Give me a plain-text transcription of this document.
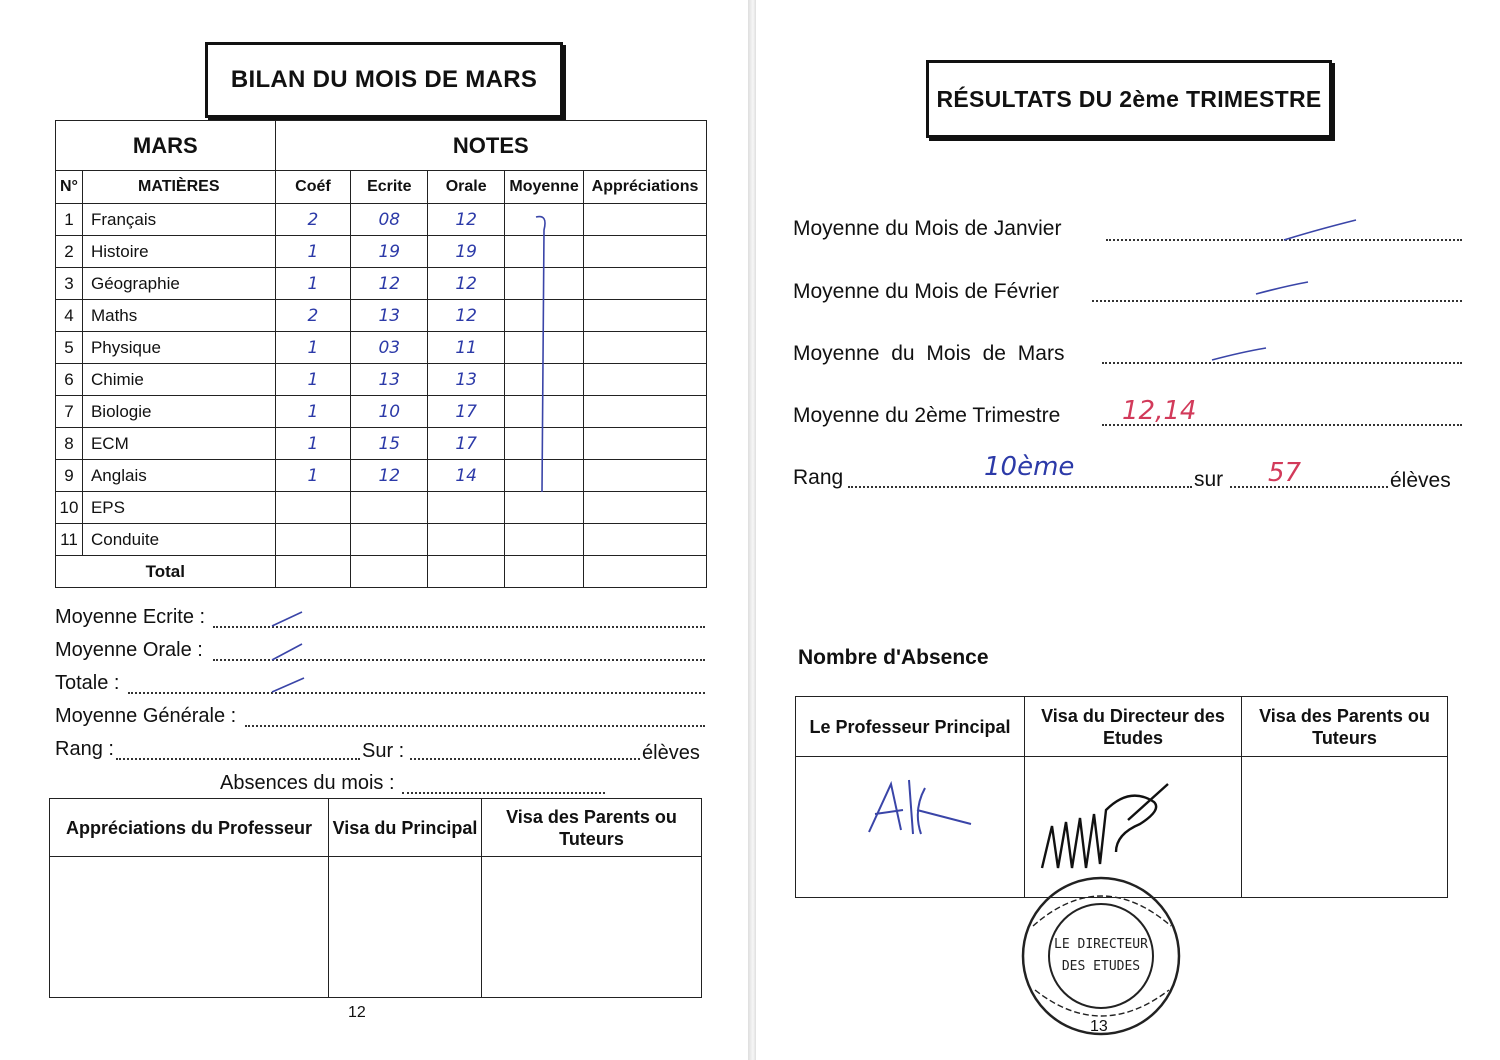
BILAN DU MOIS DE MARS
MARS		NOTES				
N°	MATIÈRES	Coéf	Ecrite	Orale	Moyenne	Appréciations
1	Français	2	08	12		
2	Histoire	1	19	19		
3	Géographie	1	12	12		
4	Maths	2	13	12		
5	Physique	1	03	11		
6	Chimie	1	13	13		
7	Biologie	1	10	17		
8	ECM	1	15	17		
9	Anglais	1	12	14		
10	EPS					
11	Conduite					
Total						
Moyenne Ecrite :
Moyenne Orale :
Totale :
Moyenne Générale :
Rang :	Sur :	élèves
Absences du mois :
Appréciations du Professeur	Visa du Principal	Visa des Parents ou Tuteurs

12
RÉSULTATS DU 2ème TRIMESTRE
Moyenne du Mois de Janvier
Moyenne du Mois de Février
Moyenne du Mois de Mars
Moyenne du 2ème Trimestre 12,14
Rang	10ème	sur 57	élèves
Nombre d'Absence
Le Professeur Principal	Visa du Directeur des Etudes	Visa des Parents ou Tuteurs

LE DIRECTEUR
DES ETUDES
13
